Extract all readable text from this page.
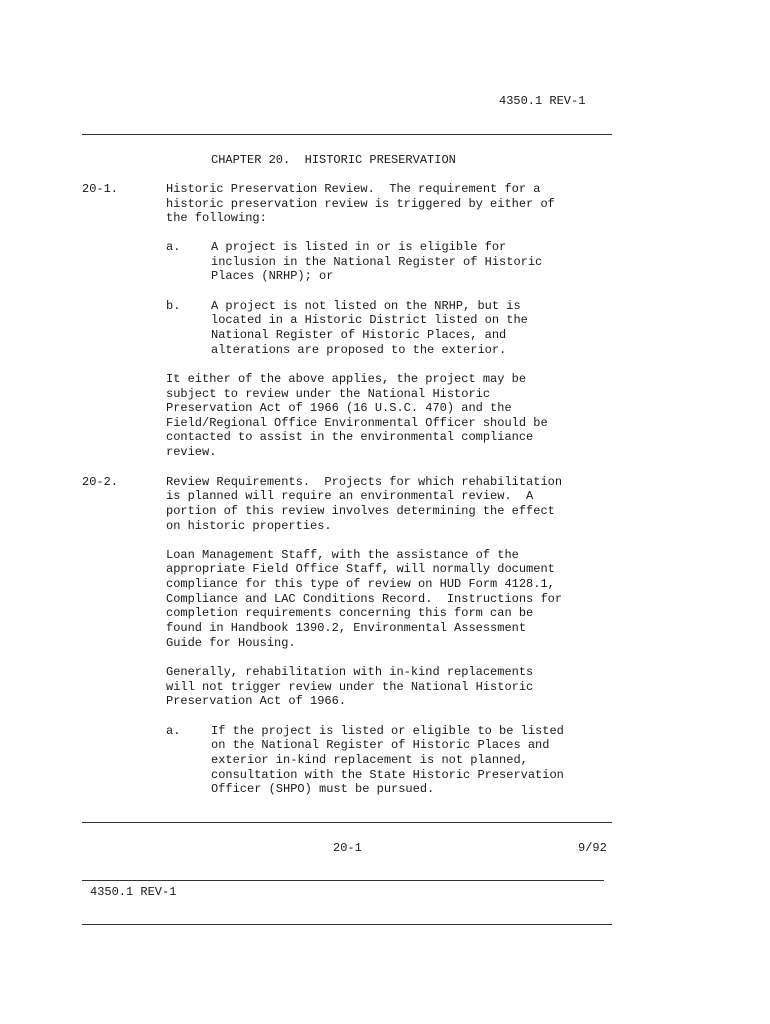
4350.1 REV-1
CHAPTER 20.  HISTORIC PRESERVATION
20-1.	Historic Preservation Review.  The requirement for a
historic preservation review is triggered by either of
the following:
a.	A project is listed in or is eligible for
inclusion in the National Register of Historic
Places (NRHP); or
b.	A project is not listed on the NRHP, but is
located in a Historic District listed on the
National Register of Historic Places, and
alterations are proposed to the exterior.
It either of the above applies, the project may be
subject to review under the National Historic
Preservation Act of 1966 (16 U.S.C. 470) and the
Field/Regional Office Environmental Officer should be
contacted to assist in the environmental compliance
review.
20-2.	Review Requirements.  Projects for which rehabilitation
is planned will require an environmental review.  A
portion of this review involves determining the effect
on historic properties.
Loan Management Staff, with the assistance of the
appropriate Field Office Staff, will normally document
compliance for this type of review on HUD Form 4128.1,
Compliance and LAC Conditions Record.  Instructions for
completion requirements concerning this form can be
found in Handbook 1390.2, Environmental Assessment
Guide for Housing.
Generally, rehabilitation with in-kind replacements
will not trigger review under the National Historic
Preservation Act of 1966.
a.	If the project is listed or eligible to be listed
on the National Register of Historic Places and
exterior in-kind replacement is not planned,
consultation with the State Historic Preservation
Officer (SHPO) must be pursued.
20-1	9/92
4350.1 REV-1
